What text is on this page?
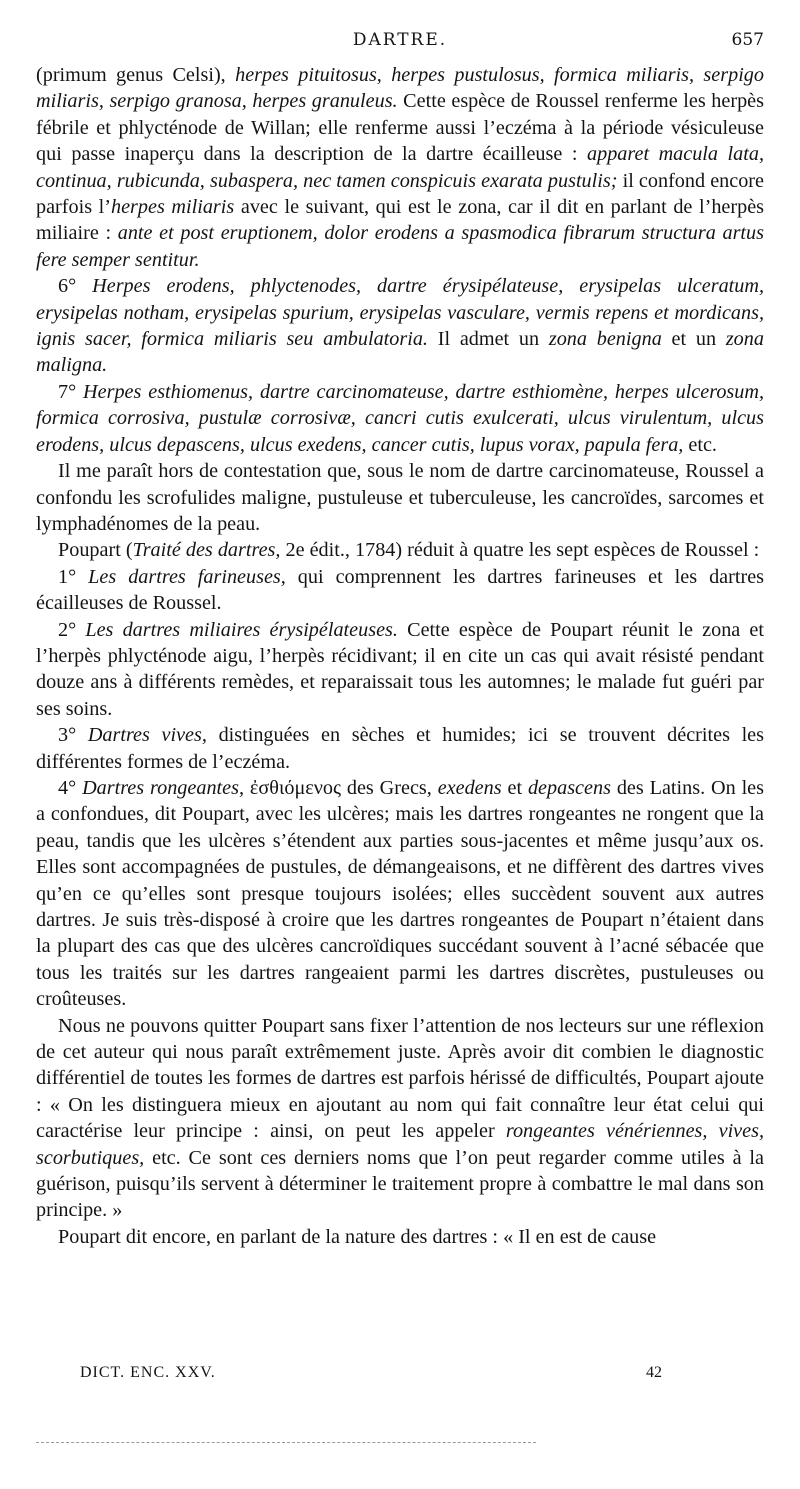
DARTRE.	657

(primum genus Celsi), herpes pituitosus, herpes pustulosus, formica miliaris, serpigo miliaris, serpigo granosa, herpes granuleus. Cette espèce de Roussel renferme les herpès fébrile et phlycténode de Willan; elle renferme aussi l’eczéma à la période vésiculeuse qui passe inaperçu dans la description de la dartre écailleuse : apparet macula lata, continua, rubicunda, subaspera, nec tamen conspicuis exarata pustulis; il confond encore parfois l’herpes miliaris avec le suivant, qui est le zona, car il dit en parlant de l’herpès miliaire : ante et post eruptionem, dolor erodens a spasmodica fibrarum structura artus fere semper sentitur.

6° Herpes erodens, phlyctenodes, dartre érysipélateuse, erysipelas ulceratum, erysipelas notham, erysipelas spurium, erysipelas vasculare, vermis repens et mordicans, ignis sacer, formica miliaris seu ambulatoria. Il admet un zona benigna et un zona maligna.

7° Herpes esthiomenus, dartre carcinomateuse, dartre esthiomène, herpes ulcerosum, formica corrosiva, pustulæ corrosivæ, cancri cutis exulcerati, ulcus virulentum, ulcus erodens, ulcus depascens, ulcus exedens, cancer cutis, lupus vorax, papula fera, etc.

Il me paraît hors de contestation que, sous le nom de dartre carcinomateuse, Roussel a confondu les scrofulides maligne, pustuleuse et tuberculeuse, les cancroïdes, sarcomes et lymphadénomes de la peau.

Poupart (Traité des dartres, 2e édit., 1784) réduit à quatre les sept espèces de Roussel :

1° Les dartres farineuses, qui comprennent les dartres farineuses et les dartres écailleuses de Roussel.

2° Les dartres miliaires érysipélateuses. Cette espèce de Poupart réunit le zona et l’herpès phlycténode aigu, l’herpès récidivant; il en cite un cas qui avait résisté pendant douze ans à différents remèdes, et reparaissait tous les automnes; le malade fut guéri par ses soins.

3° Dartres vives, distinguées en sèches et humides; ici se trouvent décrites les différentes formes de l’eczéma.

4° Dartres rongeantes, ἐσθιόμενος des Grecs, exedens et depascens des Latins. On les a confondues, dit Poupart, avec les ulcères; mais les dartres rongeantes ne rongent que la peau, tandis que les ulcères s’étendent aux parties sous-jacentes et même jusqu’aux os. Elles sont accompagnées de pustules, de démangeaisons, et ne diffèrent des dartres vives qu’en ce qu’elles sont presque toujours isolées; elles succèdent souvent aux autres dartres. Je suis très-disposé à croire que les dartres rongeantes de Poupart n’étaient dans la plupart des cas que des ulcères cancroïdiques succédant souvent à l’acné sébacée que tous les traités sur les dartres rangeaient parmi les dartres discrètes, pustuleuses ou croûteuses.

Nous ne pouvons quitter Poupart sans fixer l’attention de nos lecteurs sur une réflexion de cet auteur qui nous paraît extrêmement juste. Après avoir dit combien le diagnostic différentiel de toutes les formes de dartres est parfois hérissé de difficultés, Poupart ajoute : « On les distinguera mieux en ajoutant au nom qui fait connaître leur état celui qui caractérise leur principe : ainsi, on peut les appeler rongeantes vénériennes, vives, scorbutiques, etc. Ce sont ces derniers noms que l’on peut regarder comme utiles à la guérison, puisqu’ils servent à déterminer le traitement propre à combattre le mal dans son principe. »

Poupart dit encore, en parlant de la nature des dartres : « Il en est de cause

DICT. ENC. XXV.	42
